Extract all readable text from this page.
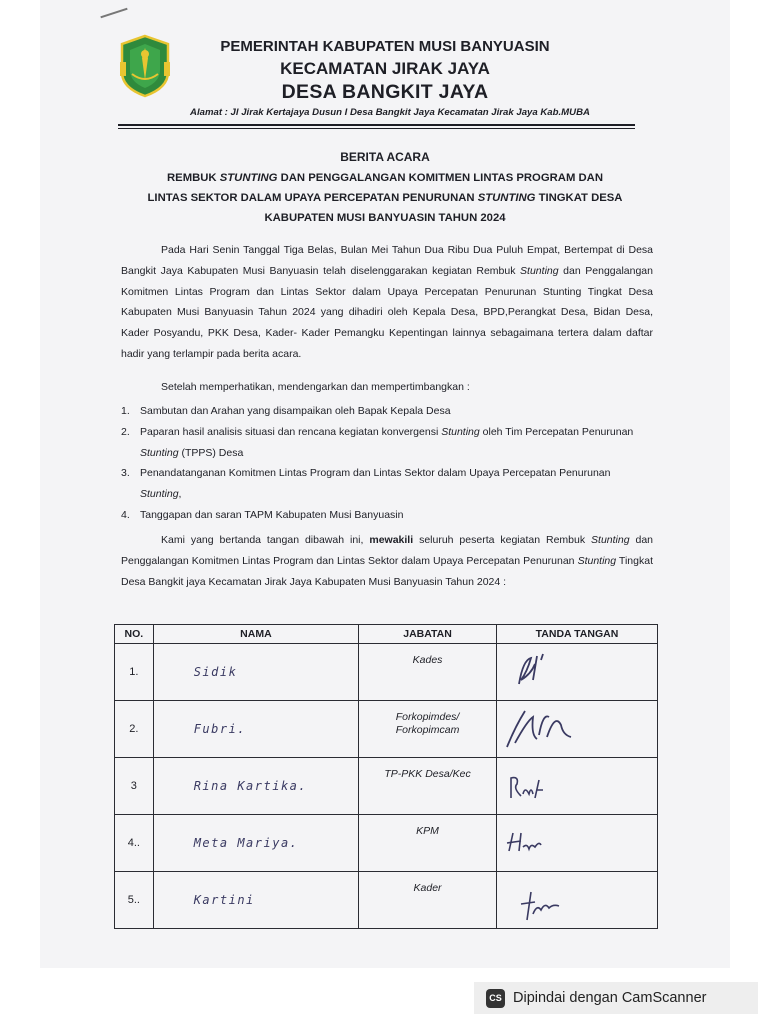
PEMERINTAH KABUPATEN MUSI BANYUASIN
KECAMATAN JIRAK JAYA
DESA BANGKIT JAYA
Alamat : Jl Jirak Kertajaya Dusun I Desa Bangkit Jaya Kecamatan Jirak Jaya Kab.MUBA
BERITA ACARA
REMBUK STUNTING DAN PENGGALANGAN KOMITMEN LINTAS PROGRAM DAN
LINTAS SEKTOR DALAM UPAYA PERCEPATAN PENURUNAN STUNTING TINGKAT DESA
KABUPATEN MUSI BANYUASIN TAHUN 2024

Pada Hari Senin Tanggal Tiga Belas, Bulan Mei Tahun Dua Ribu Dua Puluh Empat, Bertempat di Desa Bangkit Jaya Kabupaten Musi Banyuasin telah diselenggarakan kegiatan Rembuk Stunting dan Penggalangan Komitmen Lintas Program dan Lintas Sektor dalam Upaya Percepatan Penurunan Stunting Tingkat Desa Kabupaten Musi Banyuasin Tahun 2024 yang dihadiri oleh Kepala Desa, BPD,Perangkat Desa, Bidan Desa, Kader Posyandu, PKK Desa, Kader- Kader Pemangku Kepentingan lainnya sebagaimana tertera dalam daftar hadir yang terlampir pada berita acara.

Setelah memperhatikan, mendengarkan dan mempertimbangkan :
1. Sambutan dan Arahan yang disampaikan oleh Bapak Kepala Desa
2. Paparan hasil analisis situasi dan rencana kegiatan konvergensi Stunting oleh Tim Percepatan Penurunan Stunting (TPPS) Desa
3. Penandatanganan Komitmen Lintas Program dan Lintas Sektor dalam Upaya Percepatan Penurunan Stunting,
4. Tanggapan dan saran TAPM Kabupaten Musi Banyuasin

Kami yang bertanda tangan dibawah ini, mewakili seluruh peserta kegiatan Rembuk Stunting dan Penggalangan Komitmen Lintas Program dan Lintas Sektor dalam Upaya Percepatan Penurunan Stunting Tingkat Desa Bangkit jaya Kecamatan Jirak Jaya Kabupaten Musi Banyuasin Tahun 2024 :

NO.	NAMA	JABATAN	TANDA TANGAN
1.	Sidik	Kades

2.	Fubri.	Forkopimdes/
Forkopimcam	

3	Rina Kartika.	TP-PKK Desa/Kec

4..	Meta Mariya.	KPM

5..	Kartini	Kader

CS Dipindai dengan CamScanner
